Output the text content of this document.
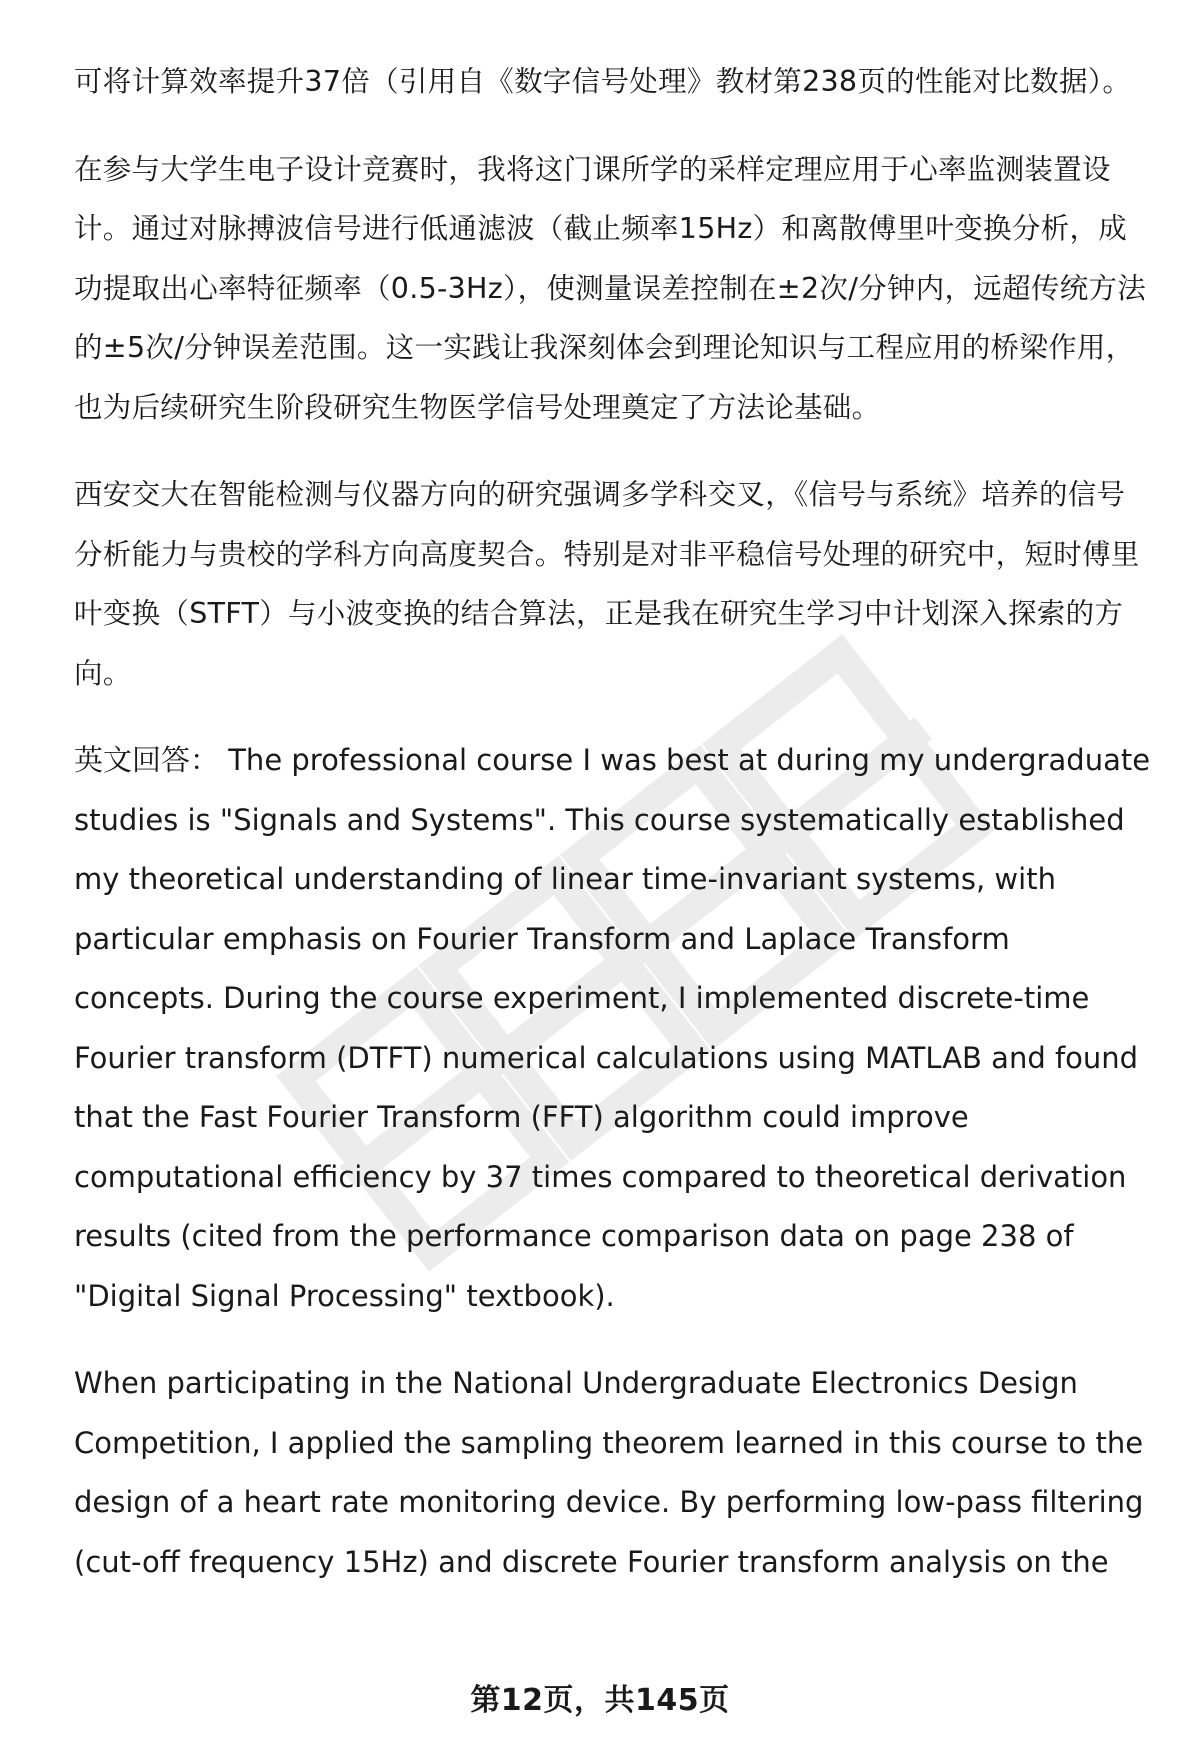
可将计算效率提升37倍（引用自《数字信号处理》教材第238页的性能对比数据）。

在参与大学生电子设计竞赛时，我将这门课所学的采样定理应用于心率监测装置设计。通过对脉搏波信号进行低通滤波（截止频率15Hz）和离散傅里叶变换分析，成功提取出心率特征频率（0.5-3Hz），使测量误差控制在±2次/分钟内，远超传统方法的±5次/分钟误差范围。这一实践让我深刻体会到理论知识与工程应用的桥梁作用，也为后续研究生阶段研究生物医学信号处理奠定了方法论基础。

西安交大在智能检测与仪器方向的研究强调多学科交叉，《信号与系统》培养的信号分析能力与贵校的学科方向高度契合。特别是对非平稳信号处理的研究中，短时傅里叶变换（STFT）与小波变换的结合算法，正是我在研究生学习中计划深入探索的方向。

英文回答： The professional course I was best at during my undergraduate studies is "Signals and Systems". This course systematically established my theoretical understanding of linear time-invariant systems, with particular emphasis on Fourier Transform and Laplace Transform concepts. During the course experiment, I implemented discrete-time Fourier transform (DTFT) numerical calculations using MATLAB and found that the Fast Fourier Transform (FFT) algorithm could improve computational efficiency by 37 times compared to theoretical derivation results (cited from the performance comparison data on page 238 of "Digital Signal Processing" textbook).

When participating in the National Undergraduate Electronics Design Competition, I applied the sampling theorem learned in this course to the design of a heart rate monitoring device. By performing low-pass filtering (cut-off frequency 15Hz) and discrete Fourier transform analysis on the

第12页，共145页
